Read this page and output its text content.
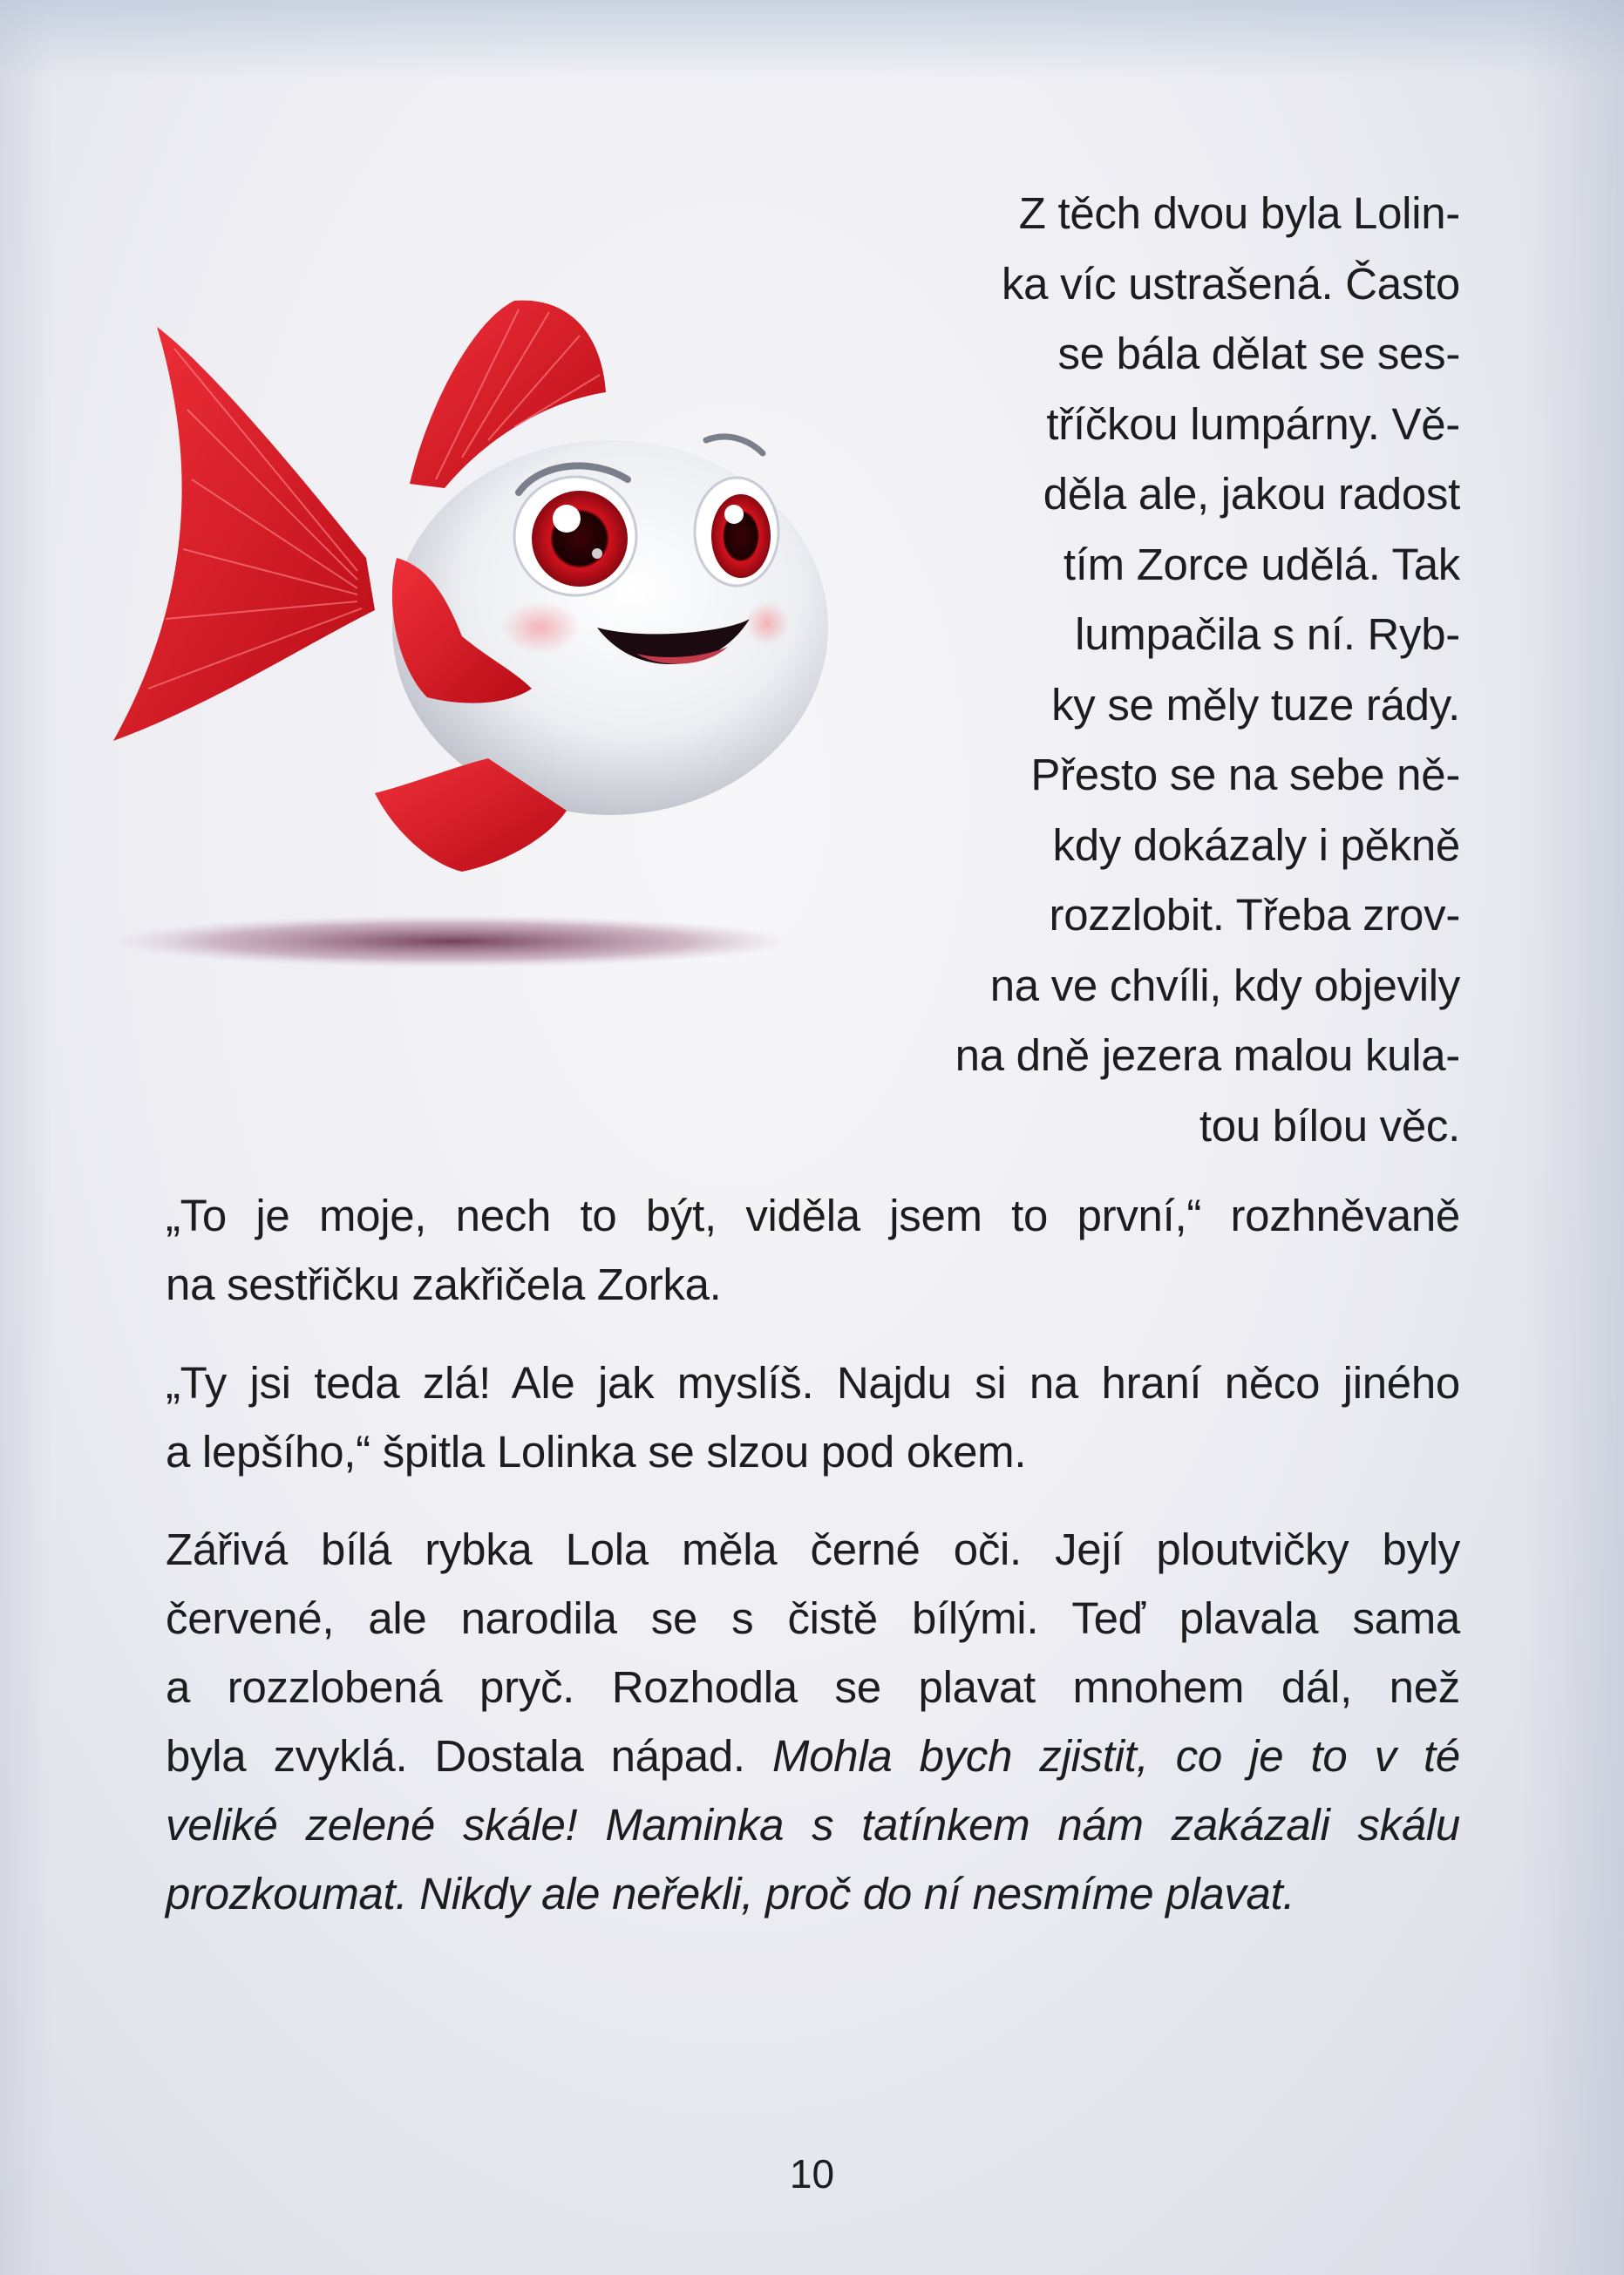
Z těch dvou byla Lolin-
ka víc ustrašená. Často
se bála dělat se ses-
tříčkou lumpárny. Vě-
děla ale, jakou radost
tím Zorce udělá. Tak
lumpačila s ní. Ryb-
ky se měly tuze rády.
Přesto se na sebe ně-
kdy dokázaly i pěkně
rozzlobit. Třeba zrov-
na ve chvíli, kdy objevily
na dně jezera malou kula-
tou bílou věc.
„To je moje, nech to být, viděla jsem to první,“ rozhněvaně
na sestřičku zakřičela Zorka.
„Ty jsi teda zlá! Ale jak myslíš. Najdu si na hraní něco jiného
a lepšího,“ špitla Lolinka se slzou pod okem.
Zářivá bílá rybka Lola měla černé oči. Její ploutvičky byly
červené, ale narodila se s čistě bílými. Teď plavala sama
a rozzlobená pryč. Rozhodla se plavat mnohem dál, než
byla zvyklá. Dostala nápad. Mohla bych zjistit, co je to v té
veliké zelené skále! Maminka s tatínkem nám zakázali skálu
prozkoumat. Nikdy ale neřekli, proč do ní nesmíme plavat.
10
